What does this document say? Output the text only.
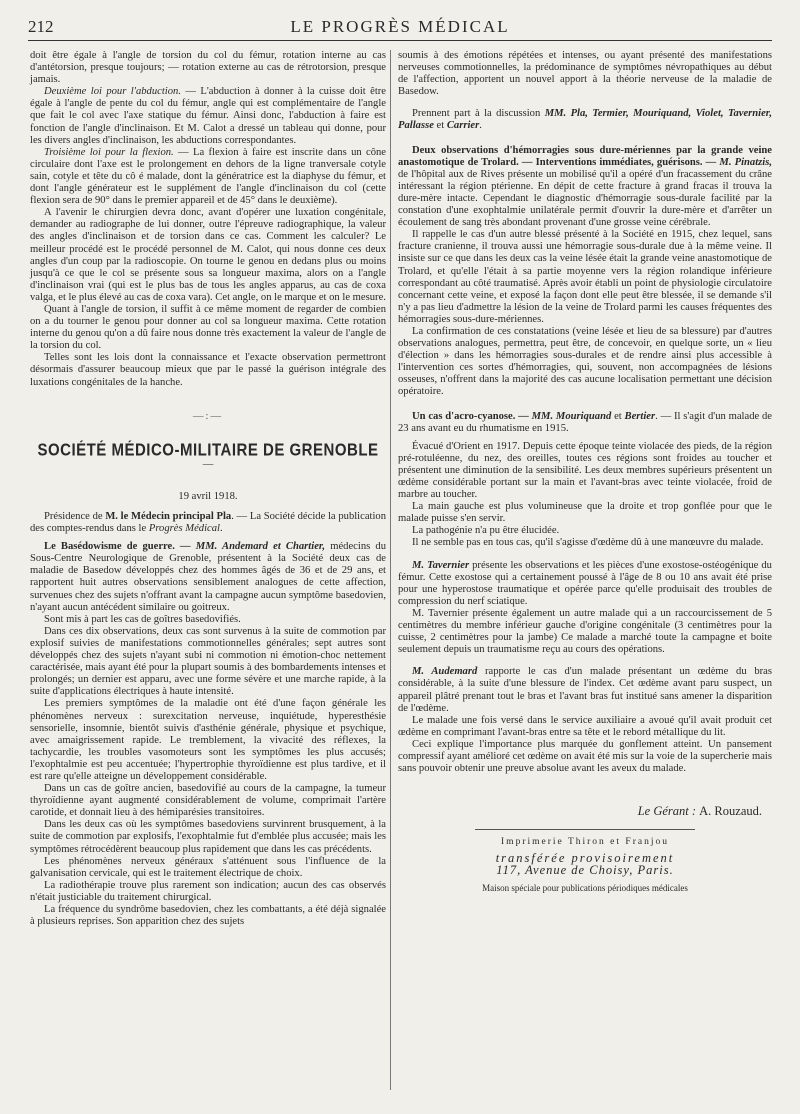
212	LE PROGRÈS MÉDICAL

doit être égale à l'angle de torsion du col du fémur, rotation interne au cas d'antétorsion, presque toujours; — rotation externe au cas de rétrotorsion, presque jamais.

Deuxième loi pour l'abduction. — L'abduction à donner à la cuisse doit être égale à l'angle de pente du col du fémur, angle qui est complémentaire de l'angle que fait le col avec l'axe statique du fémur. Ainsi donc, l'abduction à faire est fonction de l'angle d'inclinaison. Et M. Calot a dressé un tableau qui donne, pour les divers angles d'inclinaison, les abductions correspondantes.

Troisième loi pour la flexion. — La flexion à faire est inscrite dans un cône circulaire dont l'axe est le prolongement en dehors de la ligne tranversale cotyle sain, cotyle et tête du cô é malade, dont la génératrice est la diaphyse du fémur, et dont l'angle générateur est le supplément de l'angle d'inclinaison du col (cette flexion sera de 90° dans le premier appareil et de 45° dans le deuxième).

A l'avenir le chirurgien devra donc, avant d'opérer une luxation congénitale, demander au radiographe de lui donner, outre l'épreuve radiographique, la valeur des angles d'inclinaison et de torsion dans ce cas. Comment les calculer? Le meilleur procédé est le procédé personnel de M. Calot, qui nous donne ces deux angles d'un coup par la radioscopie. On tourne le genou en dedans plus ou moins jusqu'à ce que le col se présente sous sa longueur maxima, alors on a l'angle d'inclinaison vrai (qui est le plus bas de tous les angles apparus, au cas de coxa valga, et le plus élevé au cas de coxa vara). Cet angle, on le marque et on le mesure.

Quant à l'angle de torsion, il suffit à ce même moment de regarder de combien on a du tourner le genou pour donner au col sa longueur maxima. Cette rotation interne du genou qu'on a dû faire nous donne très exactement la valeur de l'angle de la torsion du col.

Telles sont les lois dont la connaissance et l'exacte observation permettront désormais d'assurer beaucoup mieux que par le passé la guérison intégrale des luxations congénitales de la hanche.

—:—
SOCIÉTÉ MÉDICO-MILITAIRE DE GRENOBLE
—
19 avril 1918.

Présidence de M. le Médecin principal Pla. — La Société décide la publication des comptes-rendus dans le Progrès Médical.

Le Basédowisme de guerre. — MM. Andemard et Chartier, médecins du Sous-Centre Neurologique de Grenoble, présentent à la Société deux cas de maladie de Basedow développés chez des hommes âgés de 36 et de 29 ans, et rapportent huit autres observations sensiblement analogues de cette affection, survenues chez des sujets n'offrant avant la campagne aucun symptôme basedovien, n'ayant aucun antécédent similaire ou goitreux.

Sont mis à part les cas de goîtres basedovifiés.

Dans ces dix observations, deux cas sont survenus à la suite de commotion par explosif suivies de manifestations commotionnelles générales; sept autres sont développés chez des sujets n'ayant subi ni commotion ni émotion-choc nettement caractérisée, mais ayant été pour la plupart soumis à des bombardements intenses et prolongés; un dernier est apparu, avec une forme sévère et une marche rapide, à la suite d'applications électriques à haute intensité.

Les premiers symptômes de la maladie ont été d'une façon générale les phénomènes nerveux : surexcitation nerveuse, inquiétude, hyperesthésie sensorielle, insomnie, bientôt suivis d'asthénie générale, physique et psychique, avec amaigrissement rapide. Le tremblement, la vivacité des réflexes, la tachycardie, les troubles vasomoteurs sont les symptômes les plus accusés; l'exophtalmie est peu accentuée; l'hypertrophie thyroïdienne est plus tardive, et il est rare qu'elle atteigne un développement considérable.

Dans un cas de goître ancien, basedovifié au cours de la campagne, la tumeur thyroïdienne ayant augmenté considérablement de volume, comprimait l'artère carotide, et donnait lieu à des hémiparésies transitoires.

Dans les deux cas où les symptômes basedoviens survinrent brusquement, à la suite de commotion par explosifs, l'exophtalmie fut d'emblée plus accusée; mais les symptômes rétrocédèrent beaucoup plus rapidement que dans les cas précédents.

Les phénomènes nerveux généraux s'atténuent sous l'influence de la galvanisation cervicale, qui est le traitement électrique de choix.

La radiothérapie trouve plus rarement son indication; aucun des cas observés n'était justiciable du traitement chirurgical.

La fréquence du syndrôme basedovien, chez les combattants, a été déjà signalée à plusieurs reprises. Son apparition chez des sujets

soumis à des émotions répétées et intenses, ou ayant présenté des manifestations nerveuses commotionnelles, la prédominance de symptômes névropathiques au début de l'affection, apportent un nouvel apport à la théorie nerveuse de la maladie de Basedow.

Prennent part à la discussion MM. Pla, Termier, Mouriquand, Violet, Tavernier, Pallasse et Carrier.

Deux observations d'hémorragies sous dure-mériennes par la grande veine anastomotique de Trolard. — Interventions immédiates, guérisons. — M. Pinatzis, de l'hôpital aux de Rives présente un mobilisé qu'il a opéré d'un fracassement du crâne intéressant la région ptérienne. En dépit de cette fracture à grand fracas il trouva la dure-mère intacte. Cependant le diagnostic d'hémorragie sous-durale facilité par la constation d'une exophtalmie unilatérale permit d'ouvrir la dure-mère et d'arrêter un écoulement de sang très abondant provenant d'une grosse veine cérébrale.

Il rappelle le cas d'un autre blessé présenté à la Société en 1915, chez lequel, sans fracture cranienne, il trouva aussi une hémorragie sous-durale due à la même veine. Il insiste sur ce que dans les deux cas la veine lésée était la grande veine anastomotique de Trolard, et qu'elle l'était à sa partie moyenne vers la région rolandique inférieure correspondant au côté traumatisé. Après avoir établi un point de physiologie circulatoire concernant cette veine, et exposé la façon dont elle peut être blessée, il se demande s'il n'y a pas lieu d'admettre la lésion de la veine de Trolard parmi les causes fréquentes des hémorragies sous-dure-mériennes.

La confirmation de ces constatations (veine lésée et lieu de sa blessure) par d'autres observations analogues, permettra, peut être, de concevoir, en quelque sorte, un « lieu d'élection » dans les hémorragies sous-durales et de rendre ainsi plus accessible à l'intervention ces sortes d'hémorragies, qui, souvent, non accompagnées de lésions osseuses, n'offrent dans la majorité des cas aucune localisation permettant une décision opératoire.

Un cas d'acro-cyanose. — MM. Mouriquand et Bertier. — Il s'agit d'un malade de 23 ans avant eu du rhumatisme en 1915.

Évacué d'Orient en 1917. Depuis cette époque teinte violacée des pieds, de la région pré-rotuléenne, du nez, des oreilles, toutes ces régions sont froides au toucher et présentent une diminution de la sensibilité. Les deux membres supérieurs présentent un œdème considérable portant sur la main et l'avant-bras avec teinte violacée, froid de marbre au toucher.

La main gauche est plus volumineuse que la droite et trop gonflée pour que le malade puisse s'en servir.

La pathogénie n'a pu être élucidée.

Il ne semble pas en tous cas, qu'il s'agisse d'œdème dû à une manœuvre du malade.

M. Tavernier présente les observations et les pièces d'une exostose-ostéogénique du fémur. Cette exostose qui a certainement poussé à l'âge de 8 ou 10 ans avait été prise pour une hyperostose traumatique et opérée parce qu'elle produisait des troubles de compression du nerf sciatique.

M. Tavernier présente également un autre malade qui a un raccourcissement de 5 centimètres du membre inférieur gauche d'origine congénitale (3 centimètres pour la cuisse, 2 centimètres pour la jambe) Ce malade a marché toute la campagne et boite seulement depuis un traumatisme reçu au cours des opérations.

M. Audemard rapporte le cas d'un malade présentant un œdème du bras considérable, à la suite d'une blessure de l'index. Cet œdème avant paru suspect, un appareil plâtré prenant tout le bras et l'avant bras fut institué sans amener la disparition de l'œdème.

Le malade une fois versé dans le service auxiliaire a avoué qu'il avait produit cet œdème en comprimant l'avant-bras entre sa tête et le rebord métallique du lit.

Ceci explique l'importance plus marquée du gonflement atteint. Un pansement compressif ayant amélioré cet œdème on avait été mis sur la voie de la supercherie mais sans pouvoir obtenir une preuve absolue avant les aveux du malade.

Le Gérant : A. Rouzaud.
Imprimerie Thiron et Franjou
transférée provisoirement
117, Avenue de Choisy, Paris.
Maison spéciale pour publications périodiques médicales
